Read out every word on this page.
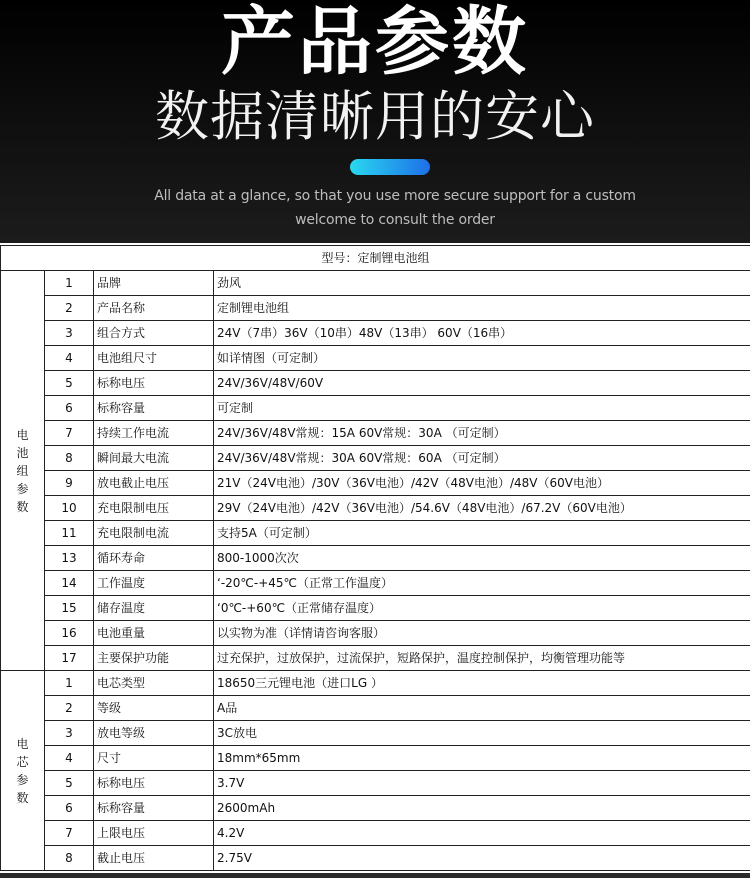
产品参数
数据清晰用的安心
All data at a glance, so that you use more secure support for a custom welcome to consult the order
型号：定制锂电池组			
电池组参数	1	品牌	劲风
	2	产品名称	定制锂电池组
	3	组合方式	24V（7串）36V（10串）48V（13串） 60V（16串）
	4	电池组尺寸	如详情图（可定制）
	5	标称电压	24V/36V/48V/60V
	6	标称容量	可定制
	7	持续工作电流	24V/36V/48V常规：15A 60V常规：30A （可定制）
	8	瞬间最大电流	24V/36V/48V常规：30A 60V常规：60A （可定制）
	9	放电截止电压	21V（24V电池）/30V（36V电池）/42V（48V电池）/48V（60V电池）
	10	充电限制电压	29V（24V电池）/42V（36V电池）/54.6V（48V电池）/67.2V（60V电池）
	11	充电限制电流	支持5A（可定制）
	13	循环寿命	800-1000次次
	14	工作温度	‘-20℃-+45℃（正常工作温度）
	15	储存温度	‘0℃-+60℃（正常储存温度）
	16	电池重量	以实物为准（详情请咨询客服）
	17	主要保护功能	过充保护，过放保护，过流保护，短路保护，温度控制保护，均衡管理功能等
电芯参数	1	电芯类型	18650三元锂电池（进口LG ）
	2	等级	A品
	3	放电等级	3C放电
	4	尺寸	18mm*65mm
	5	标称电压	3.7V
	6	标称容量	2600mAh
	7	上限电压	4.2V
	8	截止电压	2.75V
